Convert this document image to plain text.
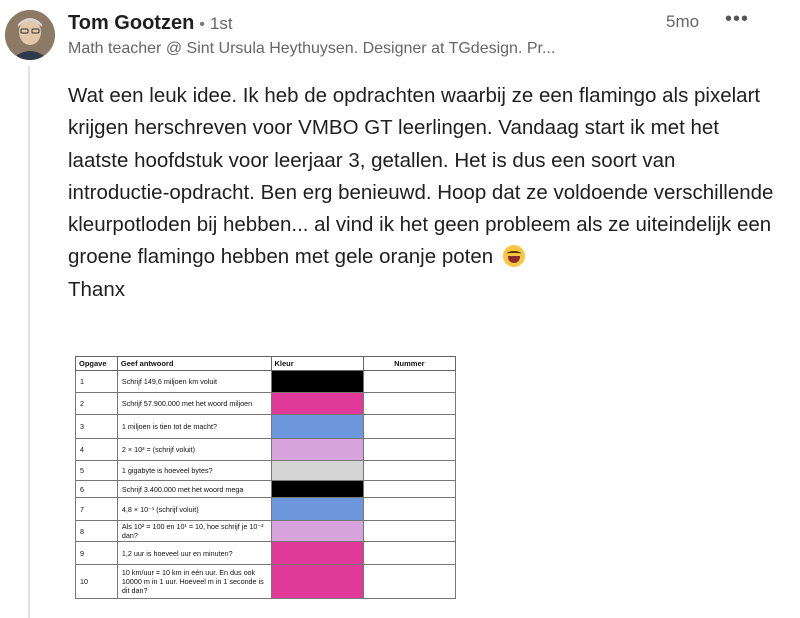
Tom Gootzen • 1st
Math teacher @ Sint Ursula Heythuysen. Designer at TGdesign. Pr...
5mo •••

Wat een leuk idee. Ik heb de opdrachten waarbij ze een flamingo als pixelart krijgen herschreven voor VMBO GT leerlingen. Vandaag start ik met het laatste hoofdstuk voor leerjaar 3, getallen. Het is dus een soort van introductie-opdracht. Ben erg benieuwd. Hoop dat ze voldoende verschillende kleurpotloden bij hebben... al vind ik het geen probleem als ze uiteindelijk een groene flamingo hebben met gele oranje poten

Thanx

Opgave	Geef antwoord	Kleur	Nummer
1	Schrijf 149,6 miljoen km voluit		
2	Schrijf 57.900.000 met het woord miljoen		
3	1 miljoen is tien tot de macht?		
4	2 × 10³ = (schrijf voluit)		
5	1 gigabyte is hoeveel bytes?		
6	Schrijf 3.400.000 met het woord mega		
7	4,8 × 10⁻¹ (schrijf voluit)		
8	Als 10² = 100 en 10¹ = 10, hoe schrijf je 10⁻² dan?		
9	1,2 uur is hoeveel uur en minuten?		
10	10 km/uur = 10 km in eén uur. En dus ook 10000 m in 1 uur. Hoeveel m in 1 seconde is dit dan?		
